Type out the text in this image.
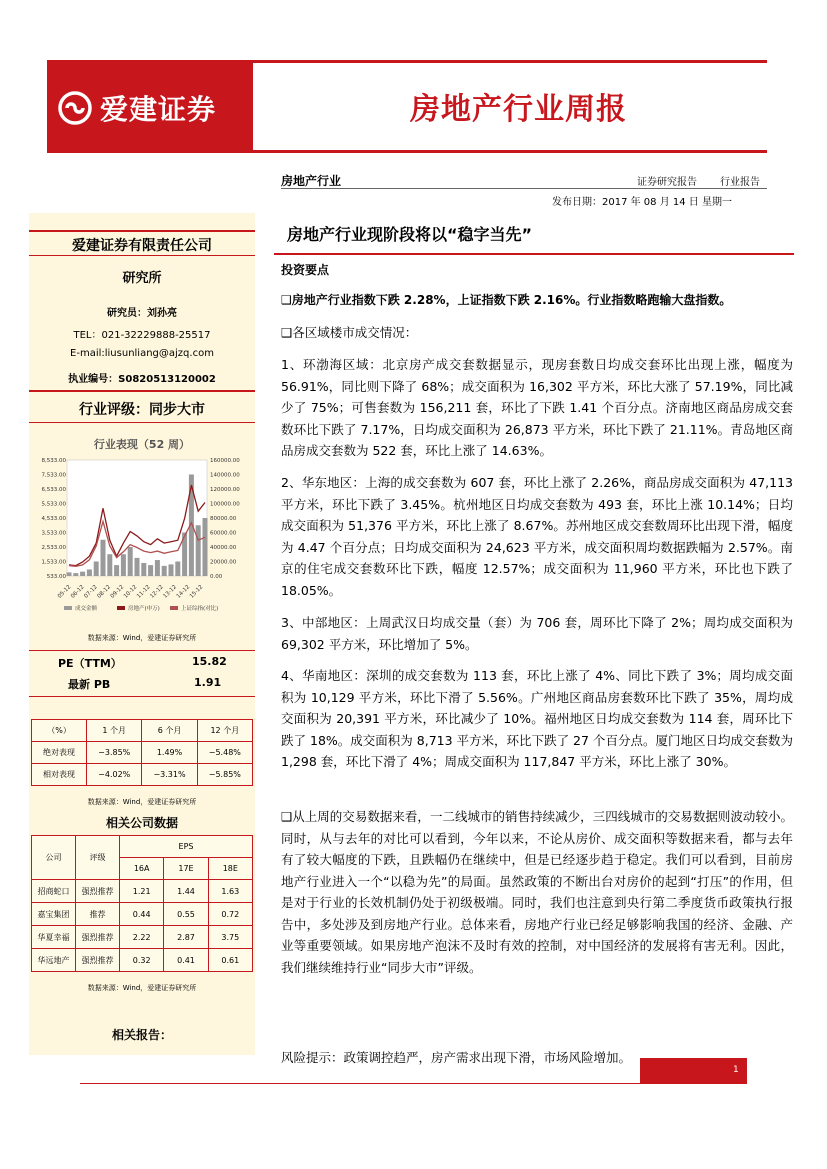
爱建证券	房地产行业周报
房地产行业	证券研究报告 行业报告
发布日期：2017 年 08 月 14 日 星期一
爱建证券有限责任公司
研究所
研究员：刘孙亮
TEL：021-32229888-25517
E-mail:liusunliang@ajzq.com
执业编号：S0820513120002
行业评级：同步大市
行业表现（52 周）
8,533.00
7,533.00
6,533.00
5,533.00
4,533.00
3,533.00
2,533.00
1,533.00
533.00
160000.00
140000.00
120000.00
100000.00
80000.00
60000.00
40000.00
20000.00
0.00
05-12
06-12
07-12
08-12
09-12
10-12
11-12
12-12
13-12
14-12
15-12
成交金额	房地产(申万)	上证综指(对比)
数据来源：Wind，爱建证券研究所
PE（TTM）	15.82
最新 PB	1.91
（%）	1 个月	6 个月	12 个月
绝对表现	−3.85%	1.49%	−5.48%
相对表现	−4.02%	−3.31%	−5.85%
数据来源：Wind，爱建证券研究所
相关公司数据
公司	评级	EPS		
		16A	17E	18E
招商蛇口	强烈推荐	1.21	1.44	1.63
嘉宝集团	推荐	0.44	0.55	0.72
华夏幸福	强烈推荐	2.22	2.87	3.75
华远地产	强烈推荐	0.32	0.41	0.61
数据来源：Wind，爱建证券研究所
相关报告：
房地产行业现阶段将以“稳字当先”
投资要点
❑房地产行业指数下跌 2.28%，上证指数下跌 2.16%。行业指数略跑输大盘指数。
❑各区域楼市成交情况：
1、环渤海区域：北京房产成交套数据显示，现房套数日均成交套环比出现上涨，幅度为 56.91%，同比则下降了 68%；成交面积为 16,302 平方米，环比大涨了 57.19%，同比减少了 75%；可售套数为 156,211 套，环比了下跌 1.41 个百分点。济南地区商品房成交套数环比下跌了 7.17%，日均成交面积为 26,873 平方米，环比下跌了 21.11%。青岛地区商品房成交套数为 522 套，环比上涨了 14.63%。
2、华东地区：上海的成交套数为 607 套，环比上涨了 2.26%，商品房成交面积为 47,113 平方米，环比下跌了 3.45%。杭州地区日均成交套数为 493 套，环比上涨 10.14%；日均成交面积为 51,376 平方米，环比上涨了 8.67%。苏州地区成交套数周环比出现下滑，幅度为 4.47 个百分点；日均成交面积为 24,623 平方米，成交面积周均数据跌幅为 2.57%。南京的住宅成交套数环比下跌，幅度 12.57%；成交面积为 11,960 平方米，环比也下跌了 18.05%。
3、中部地区：上周武汉日均成交量（套）为 706 套，周环比下降了 2%；周均成交面积为 69,302 平方米，环比增加了 5%。
4、华南地区：深圳的成交套数为 113 套，环比上涨了 4%、同比下跌了 3%；周均成交面积为 10,129 平方米，环比下滑了 5.56%。广州地区商品房套数环比下跌了 35%，周均成交面积为 20,391 平方米，环比减少了 10%。福州地区日均成交套数为 114 套，周环比下跌了 18%。成交面积为 8,713 平方米，环比下跌了 27 个百分点。厦门地区日均成交套数为 1,298 套，环比下滑了 4%；周成交面积为 117,847 平方米，环比上涨了 30%。
❑从上周的交易数据来看，一二线城市的销售持续减少，三四线城市的交易数据则波动较小。同时，从与去年的对比可以看到，今年以来，不论从房价、成交面积等数据来看，都与去年有了较大幅度的下跌，且跌幅仍在继续中，但是已经逐步趋于稳定。我们可以看到，目前房地产行业进入一个“以稳为先”的局面。虽然政策的不断出台对房价的起到“打压”的作用，但是对于行业的长效机制仍处于初级极端。同时，我们也注意到央行第二季度货币政策执行报告中，多处涉及到房地产行业。总体来看，房地产行业已经足够影响我国的经济、金融、产业等重要领域。如果房地产泡沫不及时有效的控制，对中国经济的发展将有害无利。因此，我们继续维持行业“同步大市”评级。
风险提示：政策调控趋严，房产需求出现下滑，市场风险增加。
1
